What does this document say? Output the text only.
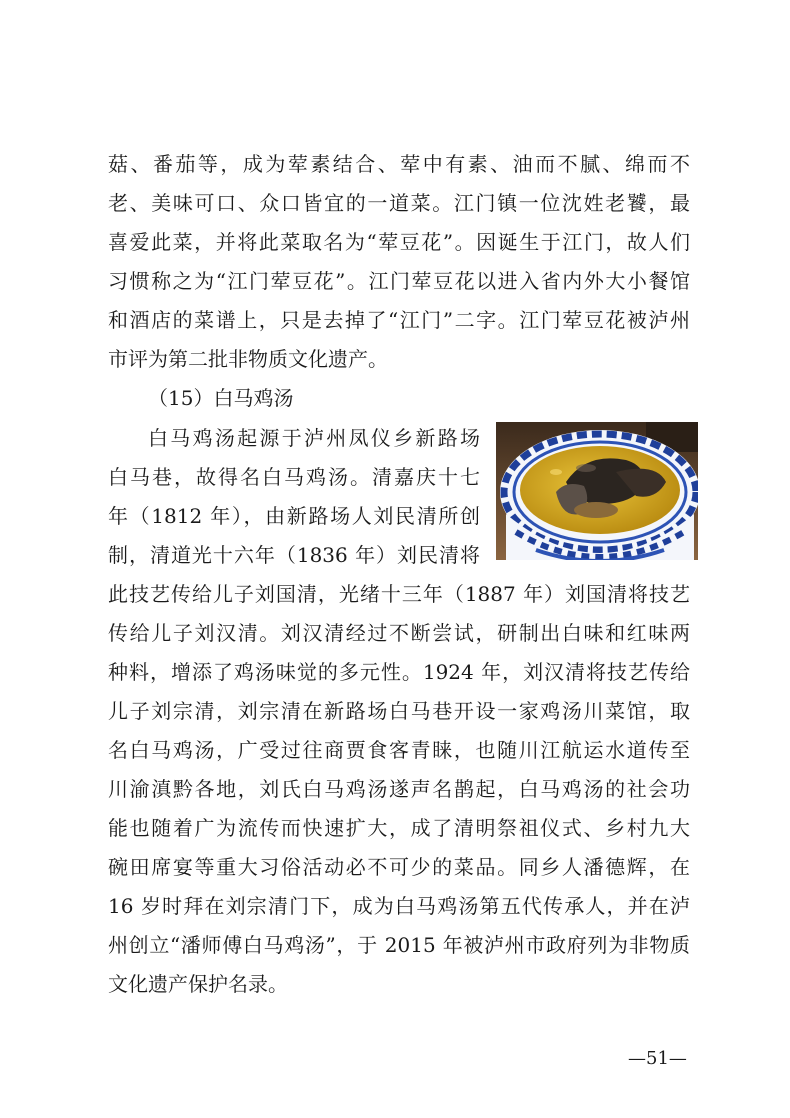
菇、番茄等，成为荤素结合、荤中有素、油而不腻、绵而不
老、美味可口、众口皆宜的一道菜。江门镇一位沈姓老饕，最
喜爱此菜，并将此菜取名为“荤豆花”。因诞生于江门，故人们
习惯称之为“江门荤豆花”。江门荤豆花以进入省内外大小餐馆
和酒店的菜谱上，只是去掉了“江门”二字。江门荤豆花被泸州
市评为第二批非物质文化遗产。
（15）白马鸡汤
白马鸡汤起源于泸州凤仪乡新路场
白马巷，故得名白马鸡汤。清嘉庆十七
年（1812 年），由新路场人刘民清所创
制，清道光十六年（1836 年）刘民清将
此技艺传给儿子刘国清，光绪十三年（1887 年）刘国清将技艺
传给儿子刘汉清。刘汉清经过不断尝试，研制出白味和红味两
种料，增添了鸡汤味觉的多元性。1924 年，刘汉清将技艺传给
儿子刘宗清，刘宗清在新路场白马巷开设一家鸡汤川菜馆，取
名白马鸡汤，广受过往商贾食客青睐，也随川江航运水道传至
川渝滇黔各地，刘氏白马鸡汤遂声名鹊起，白马鸡汤的社会功
能也随着广为流传而快速扩大，成了清明祭祖仪式、乡村九大
碗田席宴等重大习俗活动必不可少的菜品。同乡人潘德辉，在
16 岁时拜在刘宗清门下，成为白马鸡汤第五代传承人，并在泸
州创立“潘师傅白马鸡汤”，于 2015 年被泸州市政府列为非物质
文化遗产保护名录。
—51—
